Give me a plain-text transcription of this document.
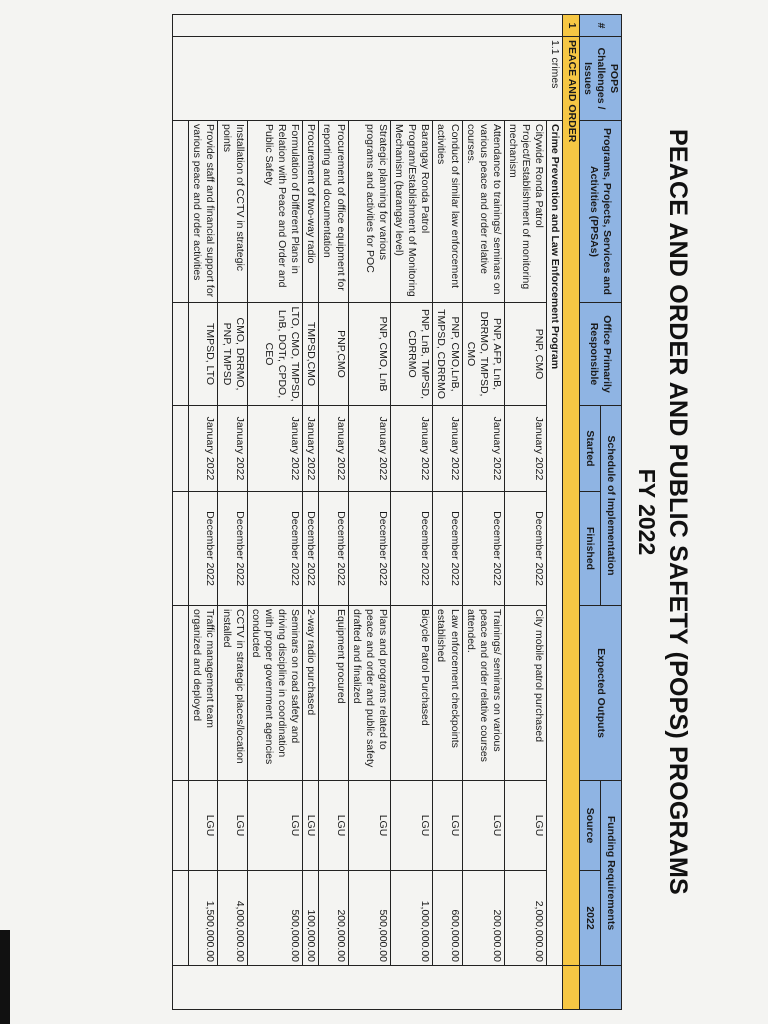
PEACE AND ORDER AND PUBLIC SAFETY (POPS) PROGRAMS
FY 2022
#	POPS Challenges / Issues	Programs, Projects, Services and Activities (PPSAs)	Office Primarily Responsible	Schedule of Implementation		Expected Outputs	Funding Requirements		
				Started	Finished		Source	2022	
1	PEACE AND ORDER								
	1.1 crimes	Crime Prevention and Law Enforcement Program							
		Citywide Ronda Patrol Project/Establishment of monitoring mechanism	PNP, CMO	January 2022	December 2022	City mobile patrol purchased	LGU	2,000,000.00	
		Attendance to trainings/ seminars on various peace and order relative courses.	PNP, AFP, LnB, DRRMO, TMPSD, CMO	January 2022	December 2022	Trainings/ seminars on various peace and order relative courses attended.	LGU	200,000.00	
		Conduct of similar law enforcement activities	PNP, CMO,LnB, TMPSD, CDRRMO	January 2022	December 2022	Law enforcement checkpoints established	LGU	600,000.00	
		Barangay Ronda Patrol Program/Establishment of Monitoring Mechanism (barangay level)	PNP, LnB, TMPSD, CDRRMO	January 2022	December 2022	Bicycle Patrol Purchased	LGU	1,000,000.00	
		Strategic planning for various programs and activities for POC	PNP, CMO, LnB	January 2022	December 2022	Plans and programs related to peace and order and public safety drafted and finalized	LGU	500,000.00	
		Procurement of office equipment for reporting and documentation	PNP,CMO	January 2022	December 2022	Equipment procured	LGU	200,000.00	
		Procurement of two-way radio	TMPSD,CMO	January 2022	December 2022	2-way radio purchased	LGU	100,000.00	
		Formulation of Different Plans in Relation with Peace and Order and Public Safety	LTO, CMO, TMPSD, LnB, DOTr, CPDO, CEO	January 2022	December 2022	Seminars on road safety and driving discipline in coordination with proper government agencies conducted	LGU	500,000.00	
		Installation of CCTV in strategic points	CMO, DRRMO, PNP, TMPSD	January 2022	December 2022	CCTV in strategic places/location installed	LGU	4,000,000.00	
		Provide staff and financial support for various peace and order activities	TMPSD, LTO	January 2022	December 2022	Traffic management team organized and deployed	LGU	1,500,000.00	
